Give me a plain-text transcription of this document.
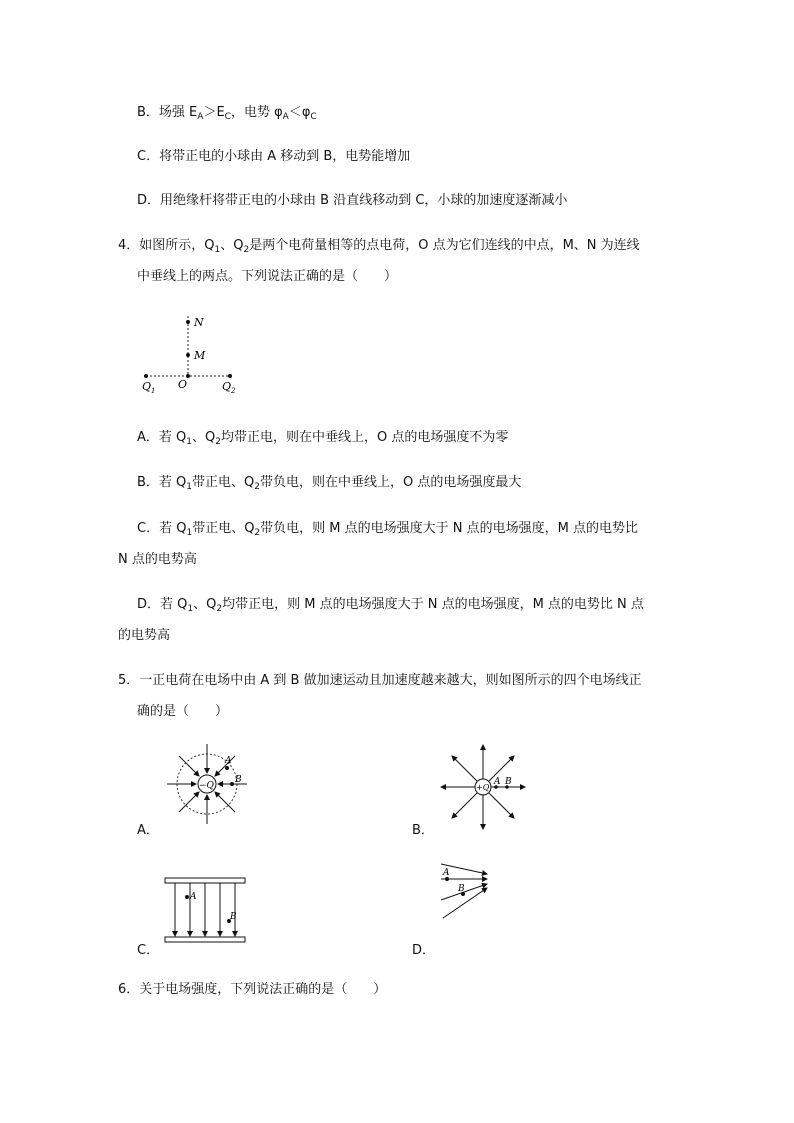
B．场强 $E_A>E_C$，电势 $\varphi_A<\varphi_C$
C．将带正电的小球由 A 移动到 B，电势能增加
D．用绝缘杆将带正电的小球由 B 沿直线移动到 C，小球的加速度逐渐减小
4．如图所示，$Q_1$、$Q_2$是两个电荷量相等的点电荷，O 点为它们连线的中点，M、N 为连线
中垂线上的两点。下列说法正确的是（　　）
N
M
O
$Q_1$	$Q_2$
A．若 $Q_1$、$Q_2$均带正电，则在中垂线上，O 点的电场强度不为零
B．若 $Q_1$带正电、$Q_2$带负电，则在中垂线上，O 点的电场强度最大
C．若 $Q_1$带正电、$Q_2$带负电，则 M 点的电场强度大于 N 点的电场强度，M 点的电势比
N 点的电势高
D．若 $Q_1$、$Q_2$均带正电，则 M 点的电场强度大于 N 点的电场强度，M 点的电势比 N 点
的电势高
5．一正电荷在电场中由 A 到 B 做加速运动且加速度越来越大，则如图所示的四个电场线正
确的是（　　）
−Q
A
B
A．
+Q
A B
B．
A
B
C．
A
B
D．
6．关于电场强度，下列说法正确的是（　　）
